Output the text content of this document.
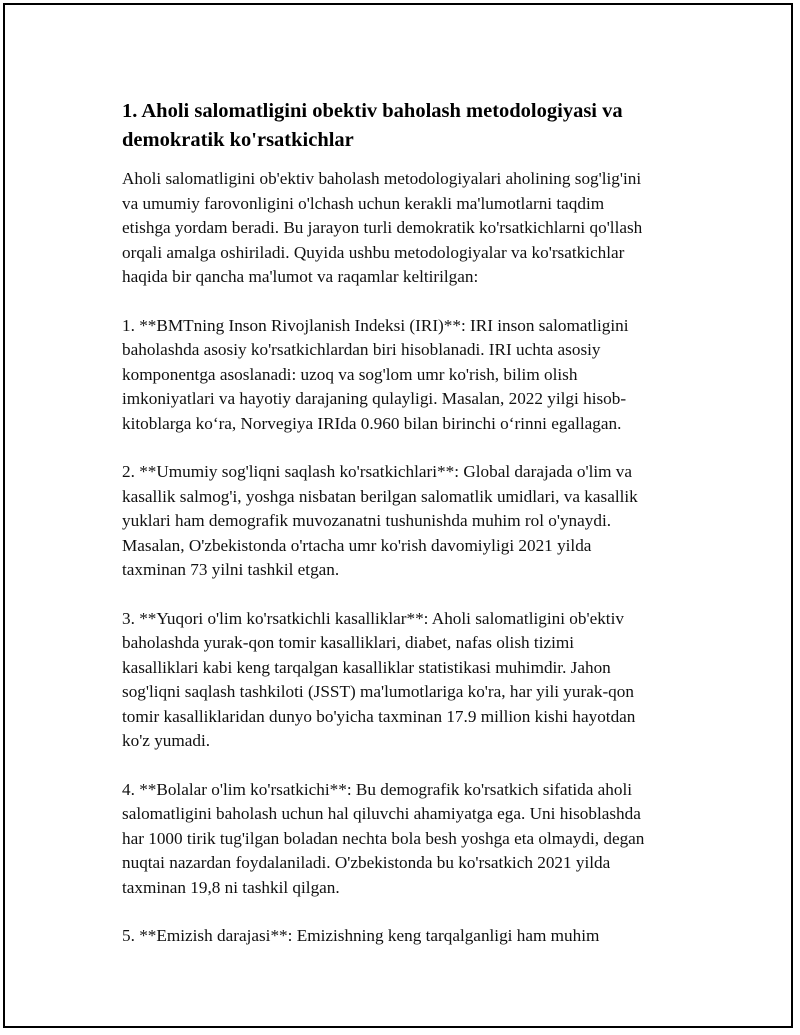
1. Aholi salomatligini obektiv baholash metodologiyasi va
demokratik ko'rsatkichlar

Aholi salomatligini ob'ektiv baholash metodologiyalari aholining sog'lig'ini
va umumiy farovonligini o'lchash uchun kerakli ma'lumotlarni taqdim
etishga yordam beradi. Bu jarayon turli demokratik ko'rsatkichlarni qo'llash
orqali amalga oshiriladi. Quyida ushbu metodologiyalar va ko'rsatkichlar
haqida bir qancha ma'lumot va raqamlar keltirilgan:

1. **BMTning Inson Rivojlanish Indeksi (IRI)**: IRI inson salomatligini
baholashda asosiy ko'rsatkichlardan biri hisoblanadi. IRI uchta asosiy
komponentga asoslanadi: uzoq va sog'lom umr ko'rish, bilim olish
imkoniyatlari va hayotiy darajaning qulayligi. Masalan, 2022 yilgi hisob-
kitoblarga ko‘ra, Norvegiya IRIda 0.960 bilan birinchi o‘rinni egallagan.

2. **Umumiy sog'liqni saqlash ko'rsatkichlari**: Global darajada o'lim va
kasallik salmog'i, yoshga nisbatan berilgan salomatlik umidlari, va kasallik
yuklari ham demografik muvozanatni tushunishda muhim rol o'ynaydi.
Masalan, O'zbekistonda o'rtacha umr ko'rish davomiyligi 2021 yilda
taxminan 73 yilni tashkil etgan.

3. **Yuqori o'lim ko'rsatkichli kasalliklar**: Aholi salomatligini ob'ektiv
baholashda yurak-qon tomir kasalliklari, diabet, nafas olish tizimi
kasalliklari kabi keng tarqalgan kasalliklar statistikasi muhimdir. Jahon
sog'liqni saqlash tashkiloti (JSST) ma'lumotlariga ko'ra, har yili yurak-qon
tomir kasalliklaridan dunyo bo'yicha taxminan 17.9 million kishi hayotdan
ko'z yumadi.

4. **Bolalar o'lim ko'rsatkichi**: Bu demografik ko'rsatkich sifatida aholi
salomatligini baholash uchun hal qiluvchi ahamiyatga ega. Uni hisoblashda
har 1000 tirik tug'ilgan boladan nechta bola besh yoshga eta olmaydi, degan
nuqtai nazardan foydalaniladi. O'zbekistonda bu ko'rsatkich 2021 yilda
taxminan 19,8 ni tashkil qilgan.

5. **Emizish darajasi**: Emizishning keng tarqalganligi ham muhim
